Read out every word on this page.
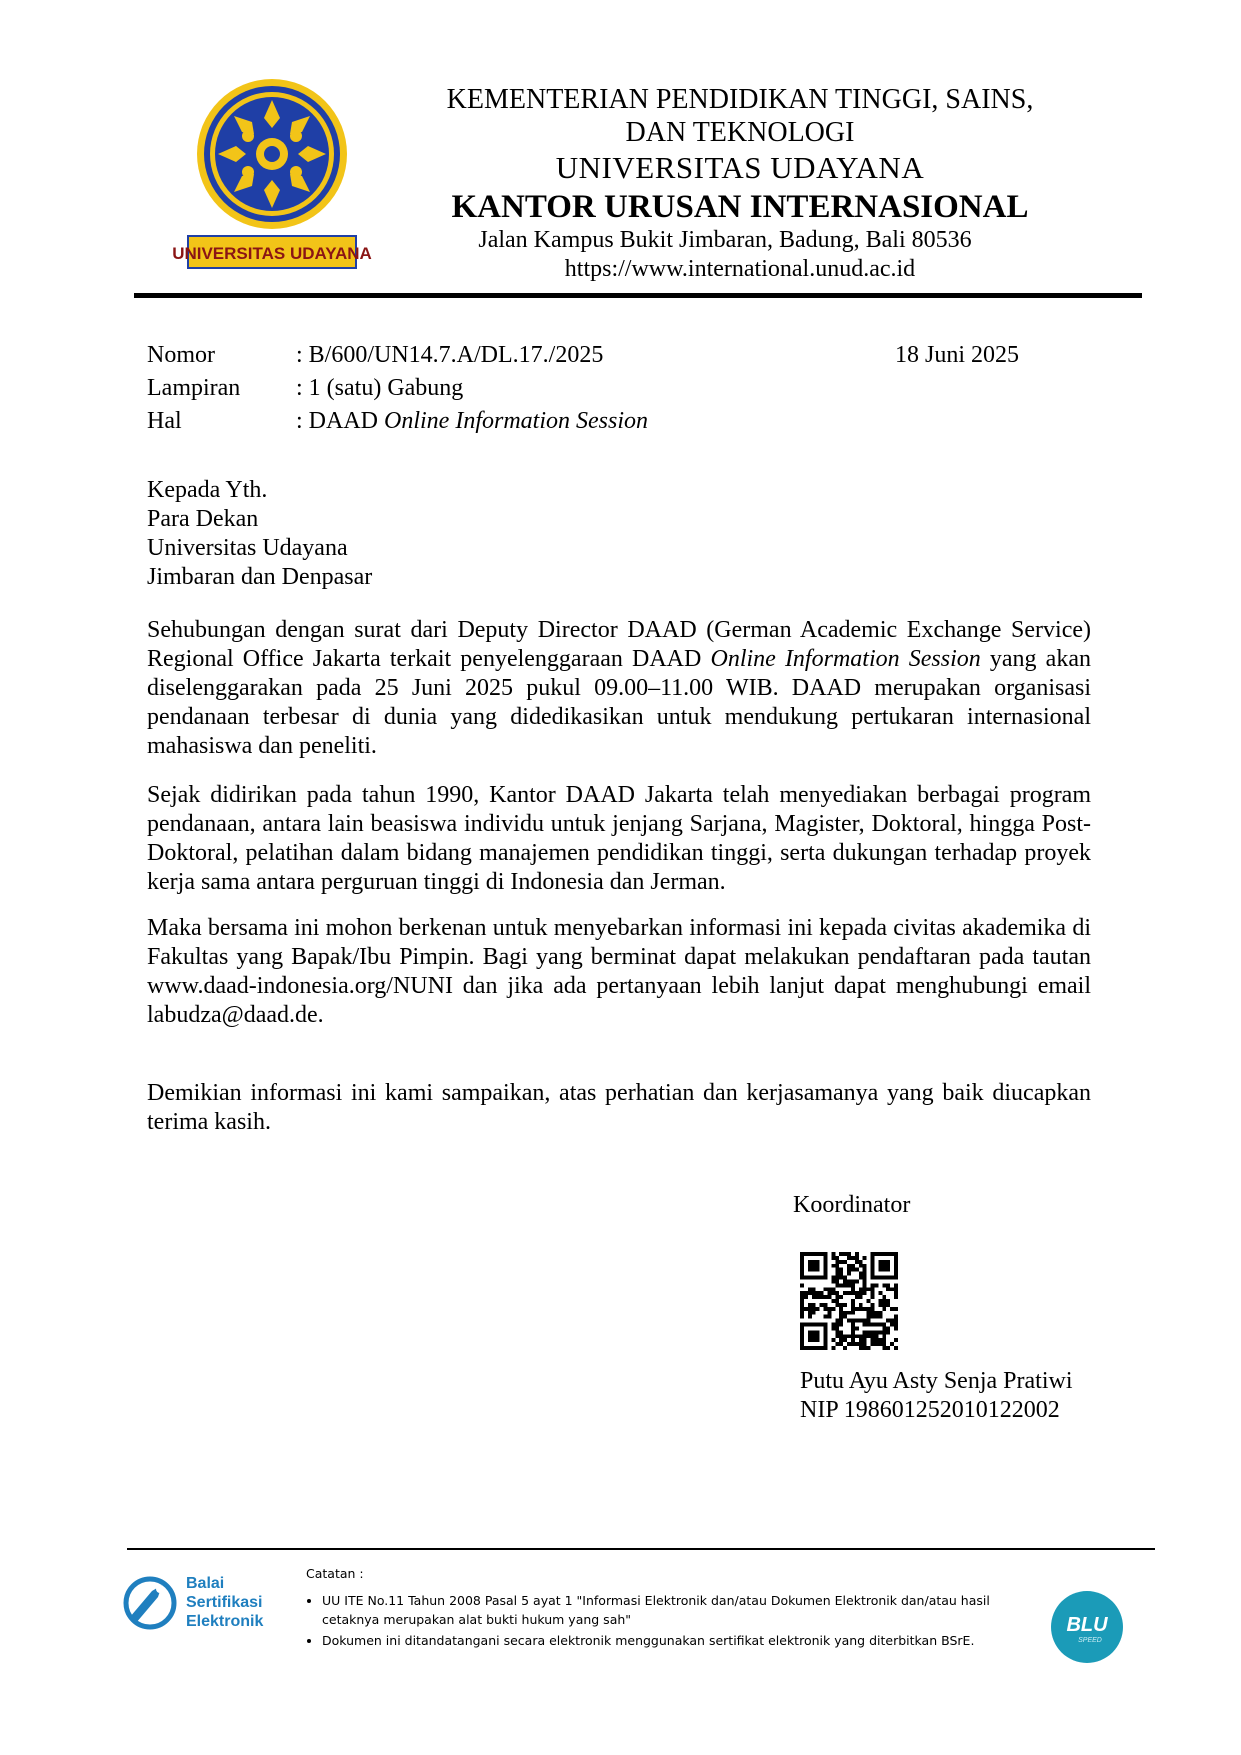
UNIVERSITAS UDAYANA
KEMENTERIAN PENDIDIKAN TINGGI, SAINS,
DAN TEKNOLOGI
UNIVERSITAS UDAYANA
KANTOR URUSAN INTERNASIONAL
Jalan Kampus Bukit Jimbaran, Badung, Bali 80536
https://www.international.unud.ac.id
Nomor	: B/600/UN14.7.A/DL.17./2025	18 Juni 2025
Lampiran : 1 (satu) Gabung
Hal	: DAAD Online Information Session
Kepada Yth.
Para Dekan
Universitas Udayana
Jimbaran dan Denpasar
Sehubungan dengan surat dari Deputy Director DAAD (German Academic Exchange Service) Regional Office Jakarta terkait penyelenggaraan DAAD Online Information Session yang akan diselenggarakan pada 25 Juni 2025 pukul 09.00–11.00 WIB. DAAD merupakan organisasi pendanaan terbesar di dunia yang didedikasikan untuk mendukung pertukaran internasional mahasiswa dan peneliti.
Sejak didirikan pada tahun 1990, Kantor DAAD Jakarta telah menyediakan berbagai program pendanaan, antara lain beasiswa individu untuk jenjang Sarjana, Magister, Doktoral, hingga Post-Doktoral, pelatihan dalam bidang manajemen pendidikan tinggi, serta dukungan terhadap proyek kerja sama antara perguruan tinggi di Indonesia dan Jerman.
Maka bersama ini mohon berkenan untuk menyebarkan informasi ini kepada civitas akademika di Fakultas yang Bapak/Ibu Pimpin. Bagi yang berminat dapat melakukan pendaftaran pada tautan www.daad-indonesia.org/NUNI dan jika ada pertanyaan lebih lanjut dapat menghubungi email labudza@daad.de.
Demikian informasi ini kami sampaikan, atas perhatian dan kerjasamanya yang baik diucapkan terima kasih.
Koordinator
Putu Ayu Asty Senja Pratiwi
NIP 198601252010122002
Balai
Sertifikasi
Elektronik
Catatan :
• UU ITE No.11 Tahun 2008 Pasal 5 ayat 1 "Informasi Elektronik dan/atau Dokumen Elektronik dan/atau hasil cetaknya merupakan alat bukti hukum yang sah"
• Dokumen ini ditandatangani secara elektronik menggunakan sertifikat elektronik yang diterbitkan BSrE.
BLU
SPEED
